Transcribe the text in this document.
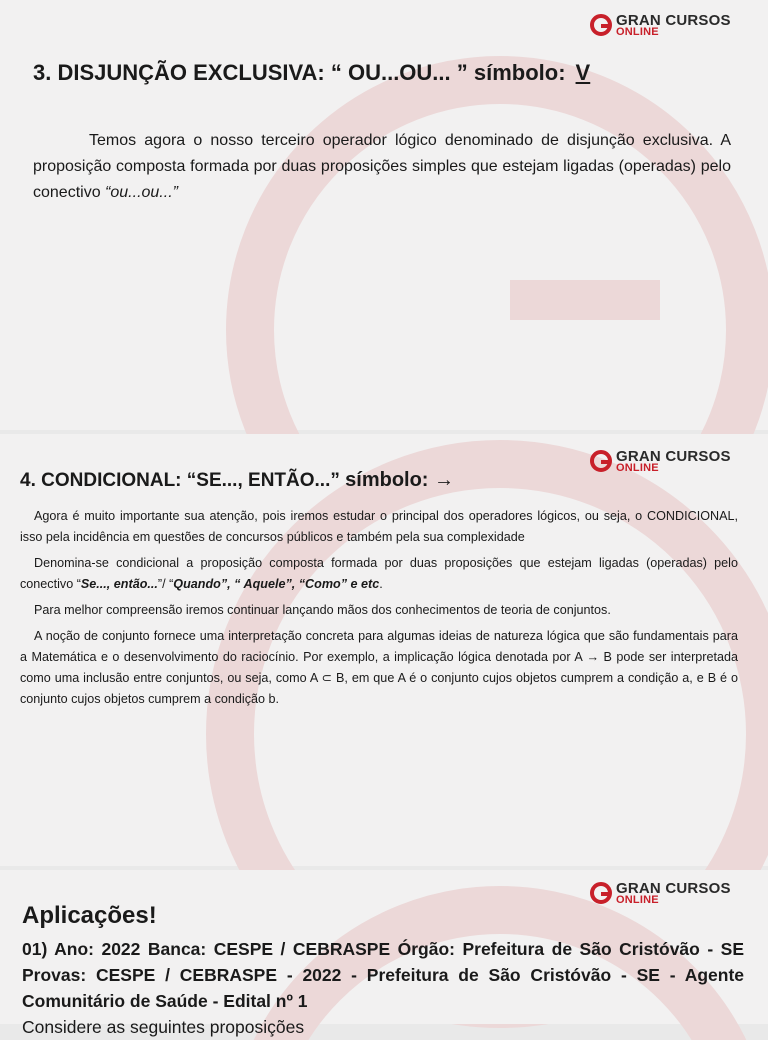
GRAN CURSOS
ONLINE
3. DISJUNÇÃO EXCLUSIVA: “ OU...OU... ” símbolo: V
Temos agora o nosso terceiro operador lógico denominado de disjunção exclusiva. A proposição composta formada por duas proposições simples que estejam ligadas (operadas) pelo conectivo “ou...ou...”
GRAN CURSOS
ONLINE
4. CONDICIONAL: “SE..., ENTÃO...” símbolo: →

Agora é muito importante sua atenção, pois iremos estudar o principal dos operadores lógicos, ou seja, o CONDICIONAL, isso pela incidência em questões de concursos públicos e também pela sua complexidade

Denomina-se condicional a proposição composta formada por duas proposições que estejam ligadas (operadas) pelo conectivo “Se..., então...”/ “Quando”, “ Aquele”, “Como” e etc.

Para melhor compreensão iremos continuar lançando mãos dos conhecimentos de teoria de conjuntos.

A noção de conjunto fornece uma interpretação concreta para algumas ideias de natureza lógica que são fundamentais para a Matemática e o desenvolvimento do raciocínio. Por exemplo, a implicação lógica denotada por A → B pode ser interpretada como uma inclusão entre conjuntos, ou seja, como A ⊂ B, em que A é o conjunto cujos objetos cumprem a condição a, e B é o conjunto cujos objetos cumprem a condição b.

GRAN CURSOS
ONLINE
Aplicações!
01) Ano: 2022 Banca: CESPE / CEBRASPE Órgão: Prefeitura de São Cristóvão - SE Provas: CESPE / CEBRASPE - 2022 - Prefeitura de São Cristóvão - SE - Agente Comunitário de Saúde - Edital nº 1
Considere as seguintes proposições
